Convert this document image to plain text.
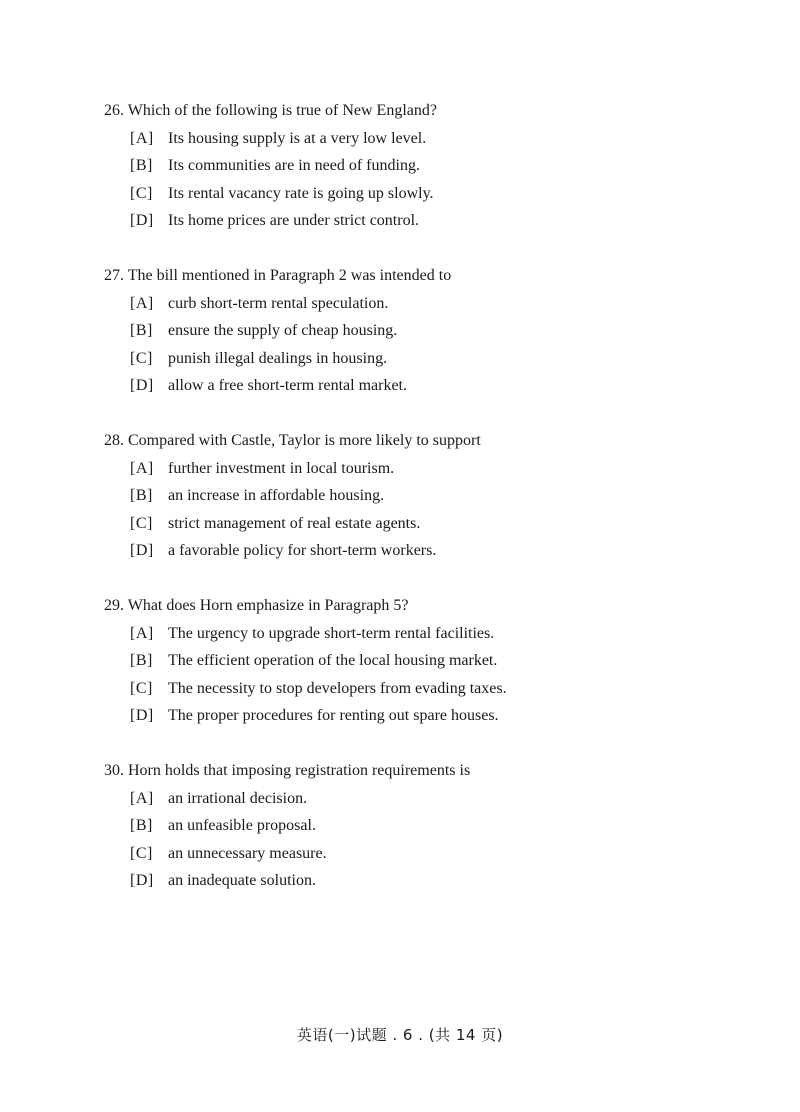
26. Which of the following is true of New England?
[A] Its housing supply is at a very low level.
[B] Its communities are in need of funding.
[C] Its rental vacancy rate is going up slowly.
[D] Its home prices are under strict control.
27. The bill mentioned in Paragraph 2 was intended to
[A] curb short-term rental speculation.
[B] ensure the supply of cheap housing.
[C] punish illegal dealings in housing.
[D] allow a free short-term rental market.
28. Compared with Castle, Taylor is more likely to support
[A] further investment in local tourism.
[B] an increase in affordable housing.
[C] strict management of real estate agents.
[D] a favorable policy for short-term workers.
29. What does Horn emphasize in Paragraph 5?
[A] The urgency to upgrade short-term rental facilities.
[B] The efficient operation of the local housing market.
[C] The necessity to stop developers from evading taxes.
[D] The proper procedures for renting out spare houses.
30. Horn holds that imposing registration requirements is
[A] an irrational decision.
[B] an unfeasible proposal.
[C] an unnecessary measure.
[D] an inadequate solution.
英语(一)试题 . 6 . (共 14 页)
